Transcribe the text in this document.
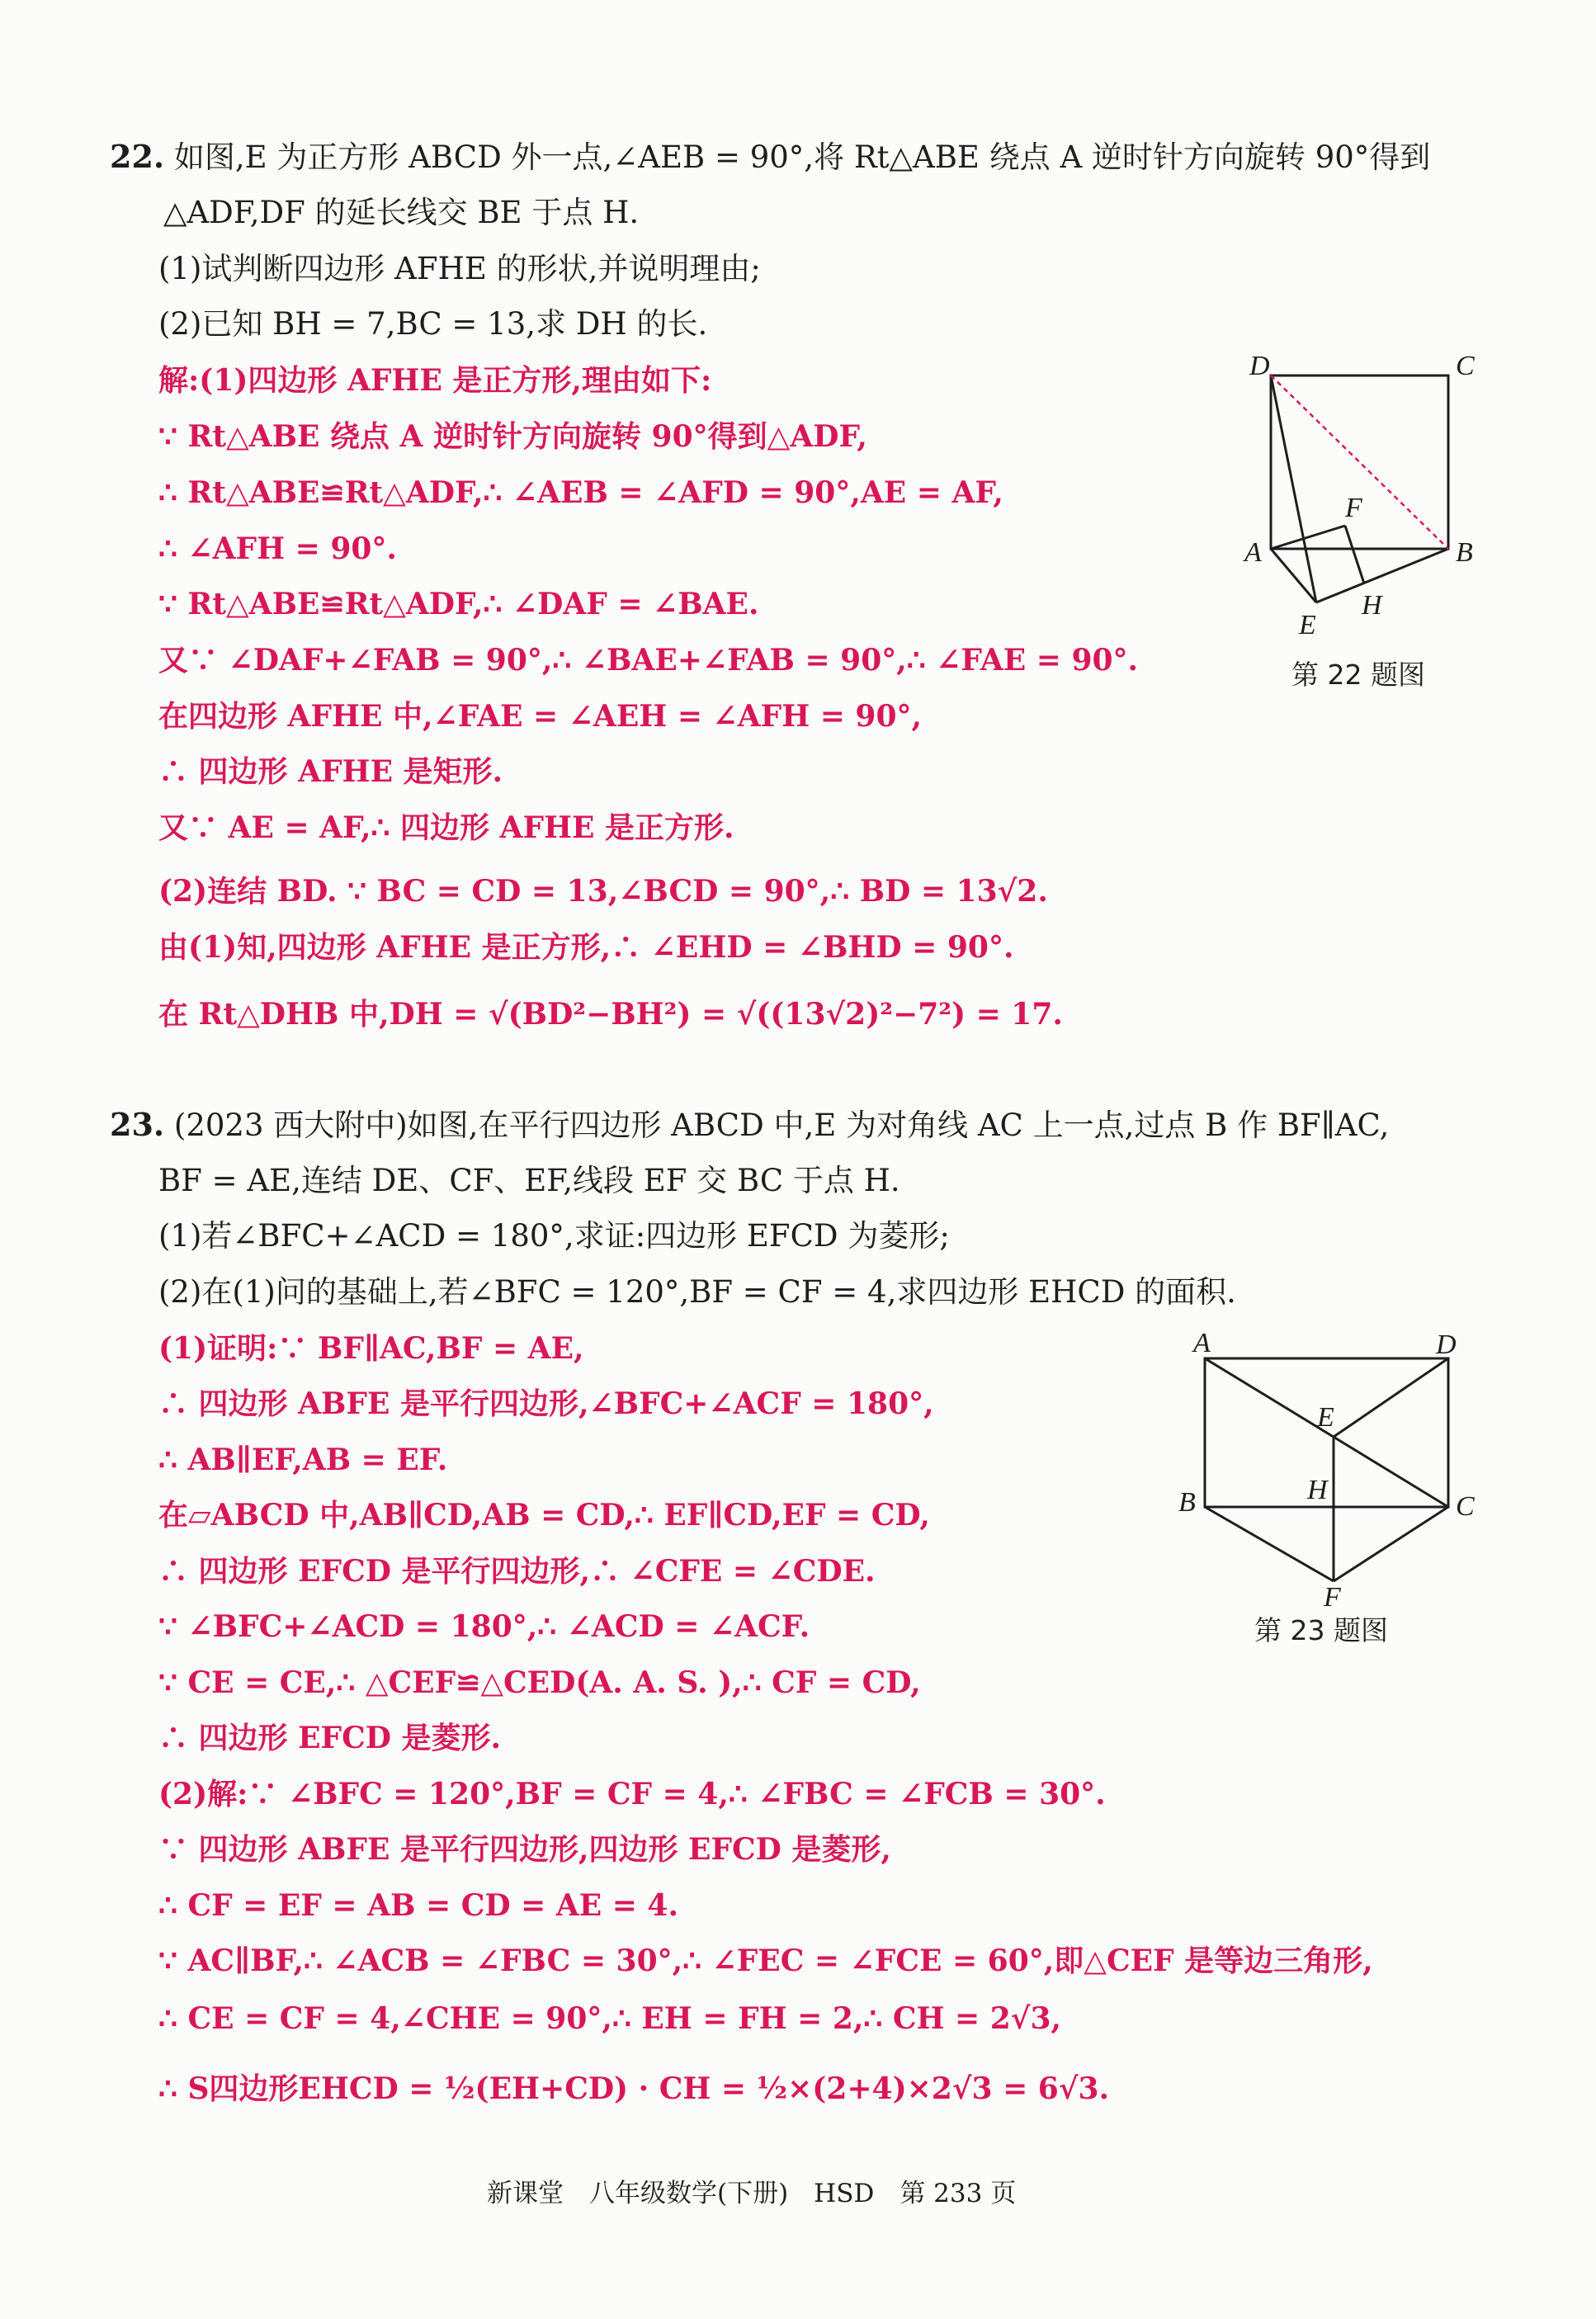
22. 如图,E 为正方形 ABCD 外一点,∠AEB = 90°,将 Rt△ABE 绕点 A 逆时针方向旋转 90°得到
△ADF,DF 的延长线交 BE 于点 H.
(1)试判断四边形 AFHE 的形状,并说明理由;
(2)已知 BH = 7,BC = 13,求 DH 的长.
解:(1)四边形 AFHE 是正方形,理由如下:
∵ Rt△ABE 绕点 A 逆时针方向旋转 90°得到△ADF,
∴ Rt△ABE≌Rt△ADF,∴ ∠AEB = ∠AFD = 90°,AE = AF,
∴ ∠AFH = 90°.
∵ Rt△ABE≌Rt△ADF,∴ ∠DAF = ∠BAE.
又∵ ∠DAF+∠FAB = 90°,∴ ∠BAE+∠FAB = 90°,∴ ∠FAE = 90°.
在四边形 AFHE 中,∠FAE = ∠AEH = ∠AFH = 90°,
∴ 四边形 AFHE 是矩形.
又∵ AE = AF,∴ 四边形 AFHE 是正方形.
(2)连结 BD. ∵ BC = CD = 13,∠BCD = 90°,∴ BD = 13√2.
由(1)知,四边形 AFHE 是正方形,∴ ∠EHD = ∠BHD = 90°.
在 Rt△DHB 中,DH = √(BD²−BH²) = √((13√2)²−7²) = 17.
D	C
A	B
F
E
H
第 22 题图
23. (2023 西大附中)如图,在平行四边形 ABCD 中,E 为对角线 AC 上一点,过点 B 作 BF∥AC,
BF = AE,连结 DE、CF、EF,线段 EF 交 BC 于点 H.
(1)若∠BFC+∠ACD = 180°,求证:四边形 EFCD 为菱形;
(2)在(1)问的基础上,若∠BFC = 120°,BF = CF = 4,求四边形 EHCD 的面积.
(1)证明:∵ BF∥AC,BF = AE,
∴ 四边形 ABFE 是平行四边形,∠BFC+∠ACF = 180°,
∴ AB∥EF,AB = EF.
在▱ABCD 中,AB∥CD,AB = CD,∴ EF∥CD,EF = CD,
∴ 四边形 EFCD 是平行四边形,∴ ∠CFE = ∠CDE.
∵ ∠BFC+∠ACD = 180°,∴ ∠ACD = ∠ACF.
∵ CE = CE,∴ △CEF≌△CED(A. A. S. ),∴ CF = CD,
∴ 四边形 EFCD 是菱形.
(2)解:∵ ∠BFC = 120°,BF = CF = 4,∴ ∠FBC = ∠FCB = 30°.
∵ 四边形 ABFE 是平行四边形,四边形 EFCD 是菱形,
∴ CF = EF = AB = CD = AE = 4.
∵ AC∥BF,∴ ∠ACB = ∠FBC = 30°,∴ ∠FEC = ∠FCE = 60°,即△CEF 是等边三角形,
∴ CE = CF = 4,∠CHE = 90°,∴ EH = FH = 2,∴ CH = 2√3,
∴ S四边形EHCD = ½(EH+CD) · CH = ½×(2+4)×2√3 = 6√3.
A	D
E
B	H
C
F
第 23 题图
新课堂　八年级数学(下册)　HSD　第 233 页
